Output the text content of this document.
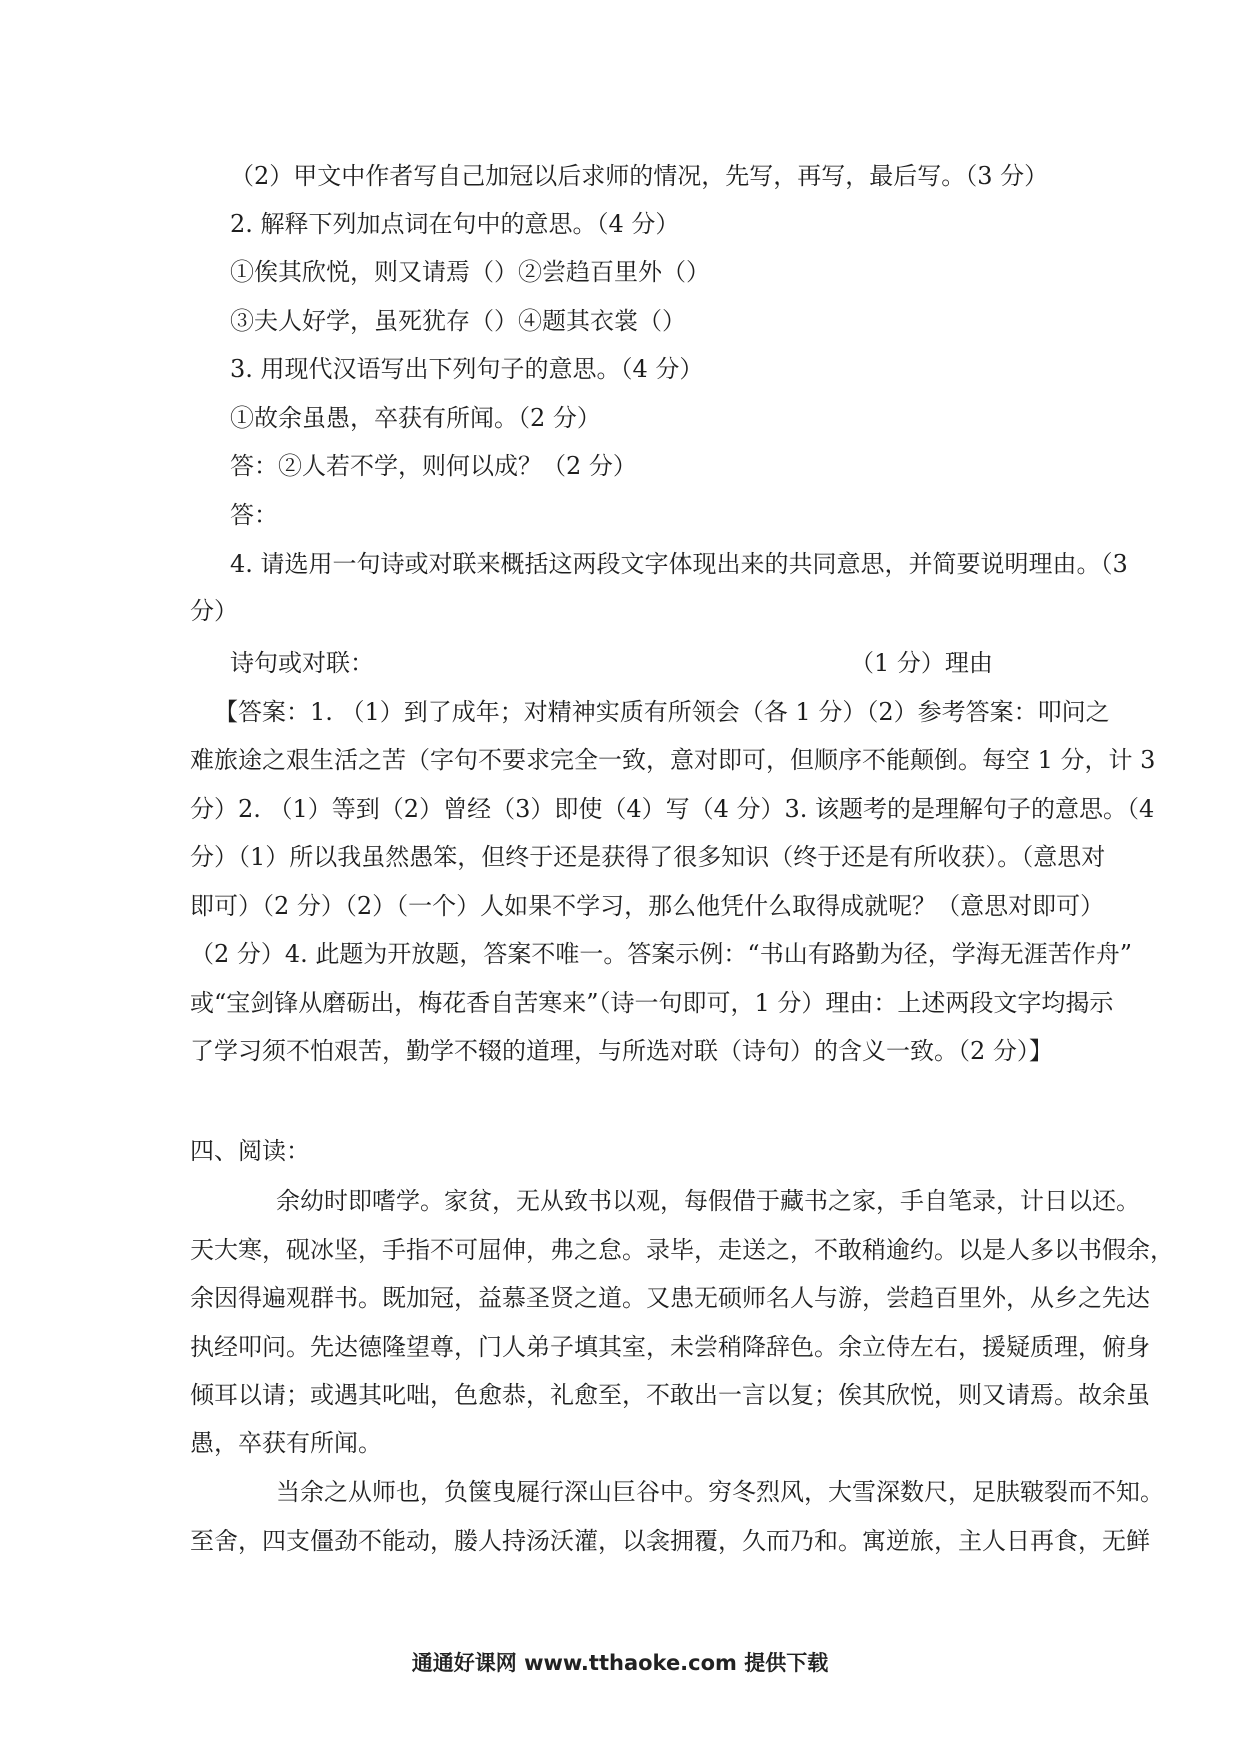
（2）甲文中作者写自己加冠以后求师的情况，先写，再写，最后写。（3 分）
2. 解释下列加点词在句中的意思。（4 分）
①俟其欣悦，则又请焉（）②尝趋百里外（）
③夫人好学，虽死犹存（）④题其衣裳（）
3. 用现代汉语写出下列句子的意思。（4 分）
①故余虽愚，卒获有所闻。（2 分）
答：②人若不学，则何以成？（2 分）
答：
4. 请选用一句诗或对联来概括这两段文字体现出来的共同意思，并简要说明理由。（3
分）
诗句或对联：	（1 分）理由
【答案：1. （1）到了成年；对精神实质有所领会（各 1 分）（2）参考答案：叩问之
难旅途之艰生活之苦（字句不要求完全一致，意对即可，但顺序不能颠倒。每空 1 分，计 3
分）2. （1）等到（2）曾经（3）即使（4）写（4 分）3. 该题考的是理解句子的意思。（4
分）（1）所以我虽然愚笨，但终于还是获得了很多知识（终于还是有所收获）。（意思对
即可）（2 分）（2）（一个）人如果不学习，那么他凭什么取得成就呢？（意思对即可）
（2 分）4. 此题为开放题，答案不唯一。答案示例：“书山有路勤为径，学海无涯苦作舟”
或“宝剑锋从磨砺出，梅花香自苦寒来”（诗一句即可，1 分）理由：上述两段文字均揭示
了学习须不怕艰苦，勤学不辍的道理，与所选对联（诗句）的含义一致。（2 分）】
四、阅读：
余幼时即嗜学。家贫，无从致书以观，每假借于藏书之家，手自笔录，计日以还。
天大寒，砚冰坚，手指不可屈伸，弗之怠。录毕，走送之，不敢稍逾约。以是人多以书假余，
余因得遍观群书。既加冠，益慕圣贤之道。又患无硕师名人与游，尝趋百里外，从乡之先达
执经叩问。先达德隆望尊，门人弟子填其室，未尝稍降辞色。余立侍左右，援疑质理，俯身
倾耳以请；或遇其叱咄，色愈恭，礼愈至，不敢出一言以复；俟其欣悦，则又请焉。故余虽
愚，卒获有所闻。
当余之从师也，负箧曳屣行深山巨谷中。穷冬烈风，大雪深数尺，足肤皲裂而不知。
至舍，四支僵劲不能动，媵人持汤沃灌，以衾拥覆，久而乃和。寓逆旅，主人日再食，无鲜
通通好课网 www.tthaoke.com 提供下载
